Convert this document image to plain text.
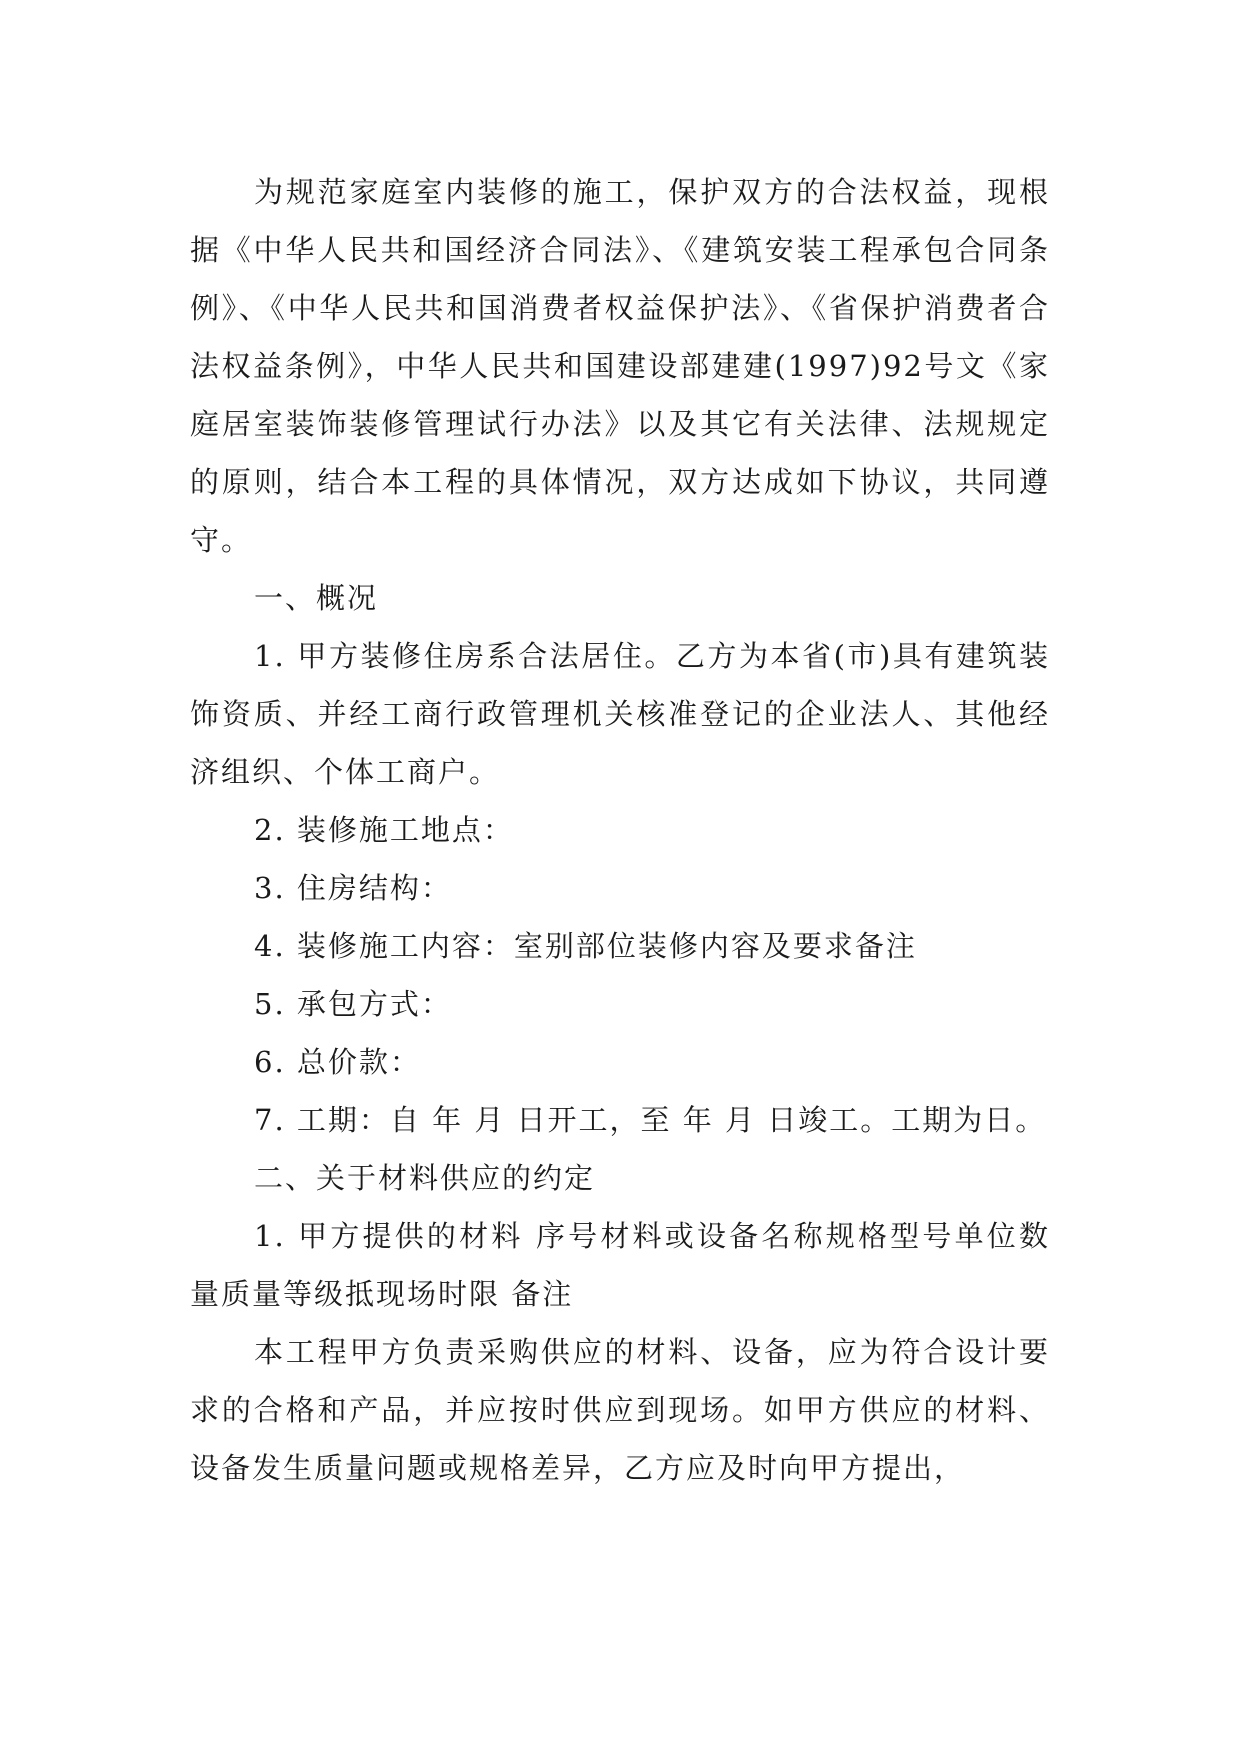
为规范家庭室内装修的施工，保护双方的合法权益，现根据《中华人民共和国经济合同法》、《建筑安装工程承包合同条例》、《中华人民共和国消费者权益保护法》、《省保护消费者合法权益条例》，中华人民共和国建设部建建(1997)92号文《家庭居室装饰装修管理试行办法》以及其它有关法律、法规规定的原则，结合本工程的具体情况，双方达成如下协议，共同遵守。

一、概况

1. 甲方装修住房系合法居住。乙方为本省(市)具有建筑装饰资质、并经工商行政管理机关核准登记的企业法人、其他经济组织、个体工商户。

2. 装修施工地点：

3. 住房结构：

4. 装修施工内容：室别部位装修内容及要求备注

5. 承包方式：

6. 总价款：

7. 工期：自 年 月 日开工，至 年 月 日竣工。工期为日。

二、关于材料供应的约定

1. 甲方提供的材料 序号材料或设备名称规格型号单位数量质量等级抵现场时限 备注

本工程甲方负责采购供应的材料、设备，应为符合设计要求的合格和产品，并应按时供应到现场。如甲方供应的材料、设备发生质量问题或规格差异，乙方应及时向甲方提出，
